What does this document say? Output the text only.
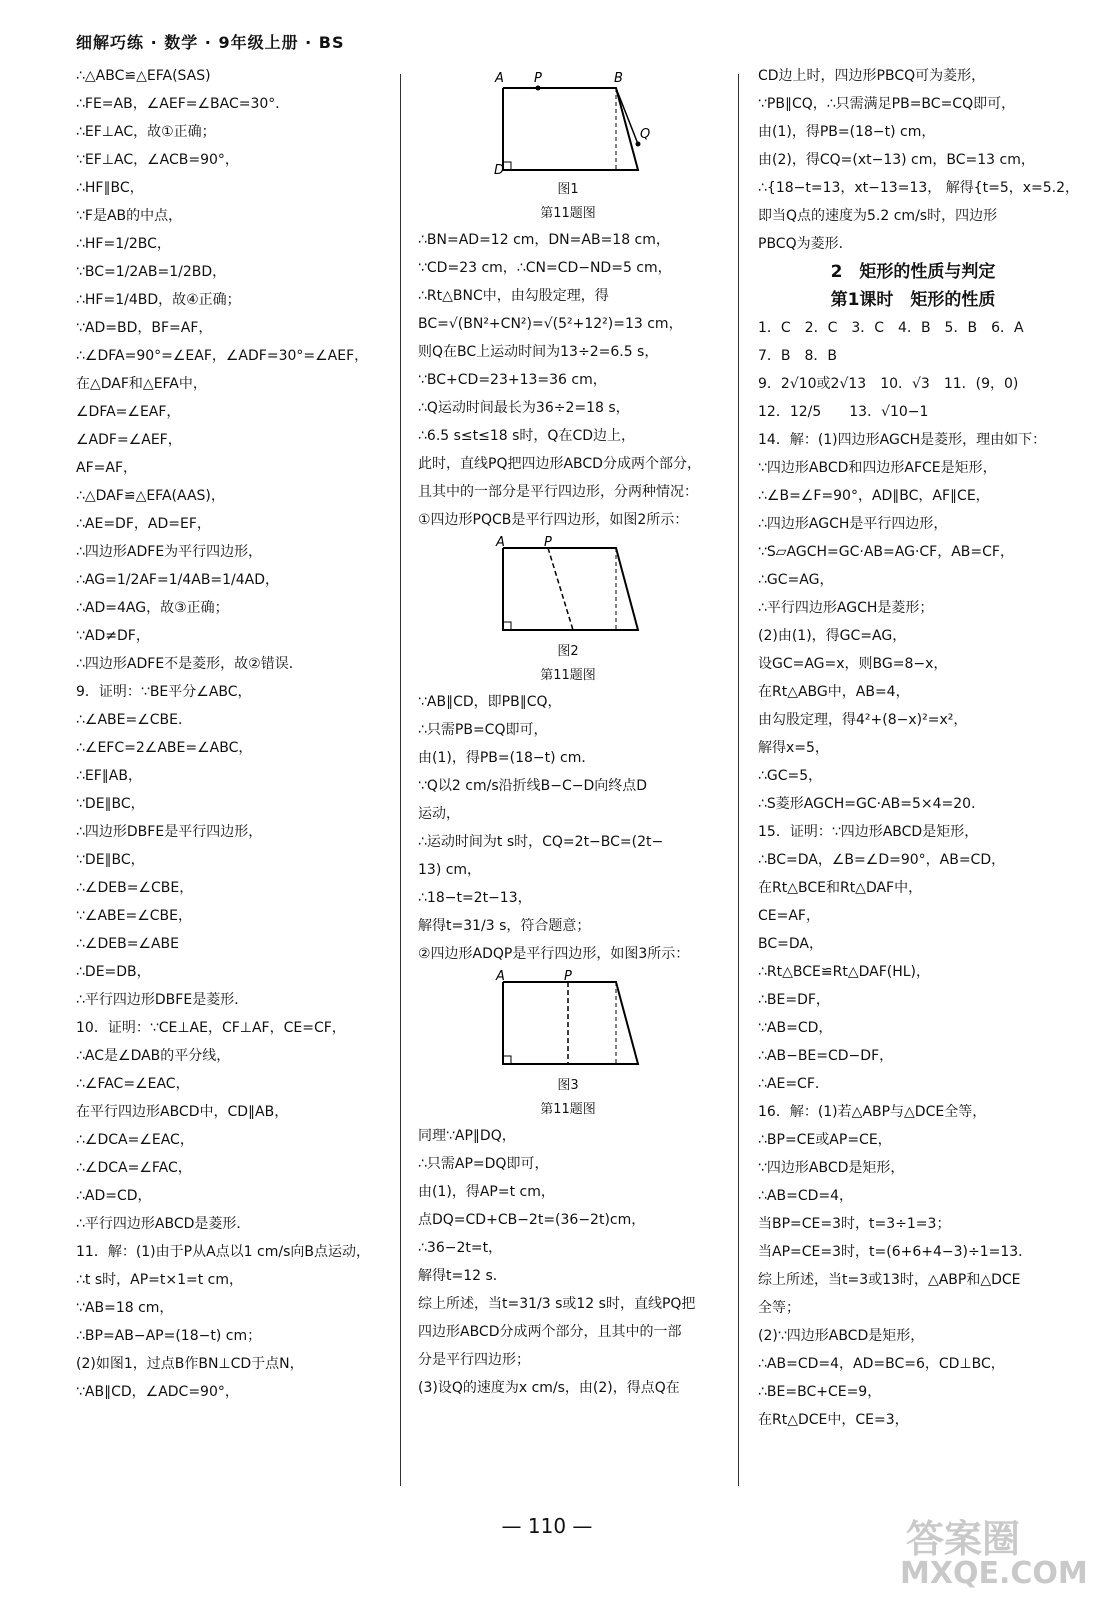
细解巧练 · 数学 · 9年级上册 · BS
∴△ABC≌△EFA(SAS)
∴FE=AB，∠AEF=∠BAC=30°．
∴EF⊥AC，故①正确；
∵EF⊥AC，∠ACB=90°，
∴HF∥BC，
∵F是AB的中点，
∴HF=1/2BC，
∵BC=1/2AB=1/2BD，
∴HF=1/4BD，故④正确；
∵AD=BD，BF=AF，
∴∠DFA=90°=∠EAF，∠ADF=30°=∠AEF，
在△DAF和△EFA中，
∠DFA=∠EAF，
∠ADF=∠AEF，
AF=AF，
∴△DAF≌△EFA(AAS)，
∴AE=DF，AD=EF，
∴四边形ADFE为平行四边形，
∴AG=1/2AF=1/4AB=1/4AD，
∴AD=4AG，故③正确；
∵AD≠DF，
∴四边形ADFE不是菱形，故②错误．
9．证明：∵BE平分∠ABC，
∴∠ABE=∠CBE．
∴∠EFC=2∠ABE=∠ABC，
∴EF∥AB，
∵DE∥BC，
∴四边形DBFE是平行四边形，
∵DE∥BC，
∴∠DEB=∠CBE，
∵∠ABE=∠CBE，
∴∠DEB=∠ABE
∴DE=DB，
∴平行四边形DBFE是菱形．
10．证明：∵CE⊥AE，CF⊥AF，CE=CF，
∴AC是∠DAB的平分线，
∴∠FAC=∠EAC，
在平行四边形ABCD中，CD∥AB，
∴∠DCA=∠EAC，
∴∠DCA=∠FAC，
∴AD=CD，
∴平行四边形ABCD是菱形．
11．解：(1)由于P从A点以1 cm/s向B点运动，
∴t s时，AP=t×1=t cm，
∵AB=18 cm，
∴BP=AB−AP=(18−t) cm；
(2)如图1，过点B作BN⊥CD于点N，
∵AB∥CD，∠ADC=90°，
A P	B
Q
D
图1
第11题图
∴BN=AD=12 cm，DN=AB=18 cm，
∵CD=23 cm，∴CN=CD−ND=5 cm，
∴Rt△BNC中，由勾股定理，得
BC=√(BN²+CN²)=√(5²+12²)=13 cm，
则Q在BC上运动时间为13÷2=6.5 s，
∵BC+CD=23+13=36 cm，
∴Q运动时间最长为36÷2=18 s，
∴6.5 s≤t≤18 s时，Q在CD边上，
此时，直线PQ把四边形ABCD分成两个部分，
且其中的一部分是平行四边形，分两种情况：
①四边形PQCB是平行四边形，如图2所示：
A	P
图2
第11题图
∵AB∥CD，即PB∥CQ，
∴只需PB=CQ即可，
由(1)，得PB=(18−t) cm．
∵Q以2 cm/s沿折线B−C−D向终点D
运动，
∴运动时间为t s时，CQ=2t−BC=(2t−
13) cm，
∴18−t=2t−13，
解得t=31/3 s，符合题意；
②四边形ADQP是平行四边形，如图3所示：
A	P
图3
第11题图
同理∵AP∥DQ，
∴只需AP=DQ即可，
由(1)，得AP=t cm，
点DQ=CD+CB−2t=(36−2t)cm，
∴36−2t=t，
解得t=12 s．
综上所述，当t=31/3 s或12 s时，直线PQ把
四边形ABCD分成两个部分，且其中的一部
分是平行四边形；
(3)设Q的速度为x cm/s，由(2)，得点Q在
CD边上时，四边形PBCQ可为菱形，
∵PB∥CQ，∴只需满足PB=BC=CQ即可，
由(1)，得PB=(18−t) cm，
由(2)，得CQ=(xt−13) cm，BC=13 cm，
∴{18−t=13，xt−13=13， 解得{t=5，x=5.2，
即当Q点的速度为5.2 cm/s时，四边形
PBCQ为菱形．
2　矩形的性质与判定
第1课时　矩形的性质
1．C　2．C　3．C　4．B　5．B　6．A
7．B　8．B
9．2√10或2√13　10．√3　11．(9，0)
12．12/5　　13．√10−1
14．解：(1)四边形AGCH是菱形，理由如下：
∵四边形ABCD和四边形AFCE是矩形，
∴∠B=∠F=90°，AD∥BC，AF∥CE，
∴四边形AGCH是平行四边形，
∵S▱AGCH=GC·AB=AG·CF，AB=CF，
∴GC=AG，
∴平行四边形AGCH是菱形；
(2)由(1)，得GC=AG，
设GC=AG=x，则BG=8−x，
在Rt△ABG中，AB=4，
由勾股定理，得4²+(8−x)²=x²，
解得x=5，
∴GC=5，
∴S菱形AGCH=GC·AB=5×4=20．
15．证明：∵四边形ABCD是矩形，
∴BC=DA，∠B=∠D=90°，AB=CD，
在Rt△BCE和Rt△DAF中，
CE=AF，
BC=DA，
∴Rt△BCE≌Rt△DAF(HL)，
∴BE=DF，
∵AB=CD，
∴AB−BE=CD−DF，
∴AE=CF．
16．解：(1)若△ABP与△DCE全等，
∴BP=CE或AP=CE，
∵四边形ABCD是矩形，
∴AB=CD=4，
当BP=CE=3时，t=3÷1=3；
当AP=CE=3时，t=(6+6+4−3)÷1=13．
综上所述，当t=3或13时，△ABP和△DCE
全等；
(2)∵四边形ABCD是矩形，
∴AB=CD=4，AD=BC=6，CD⊥BC，
∴BE=BC+CE=9，
在Rt△DCE中，CE=3，
— 110 —	答案圈
MXQE.COM
